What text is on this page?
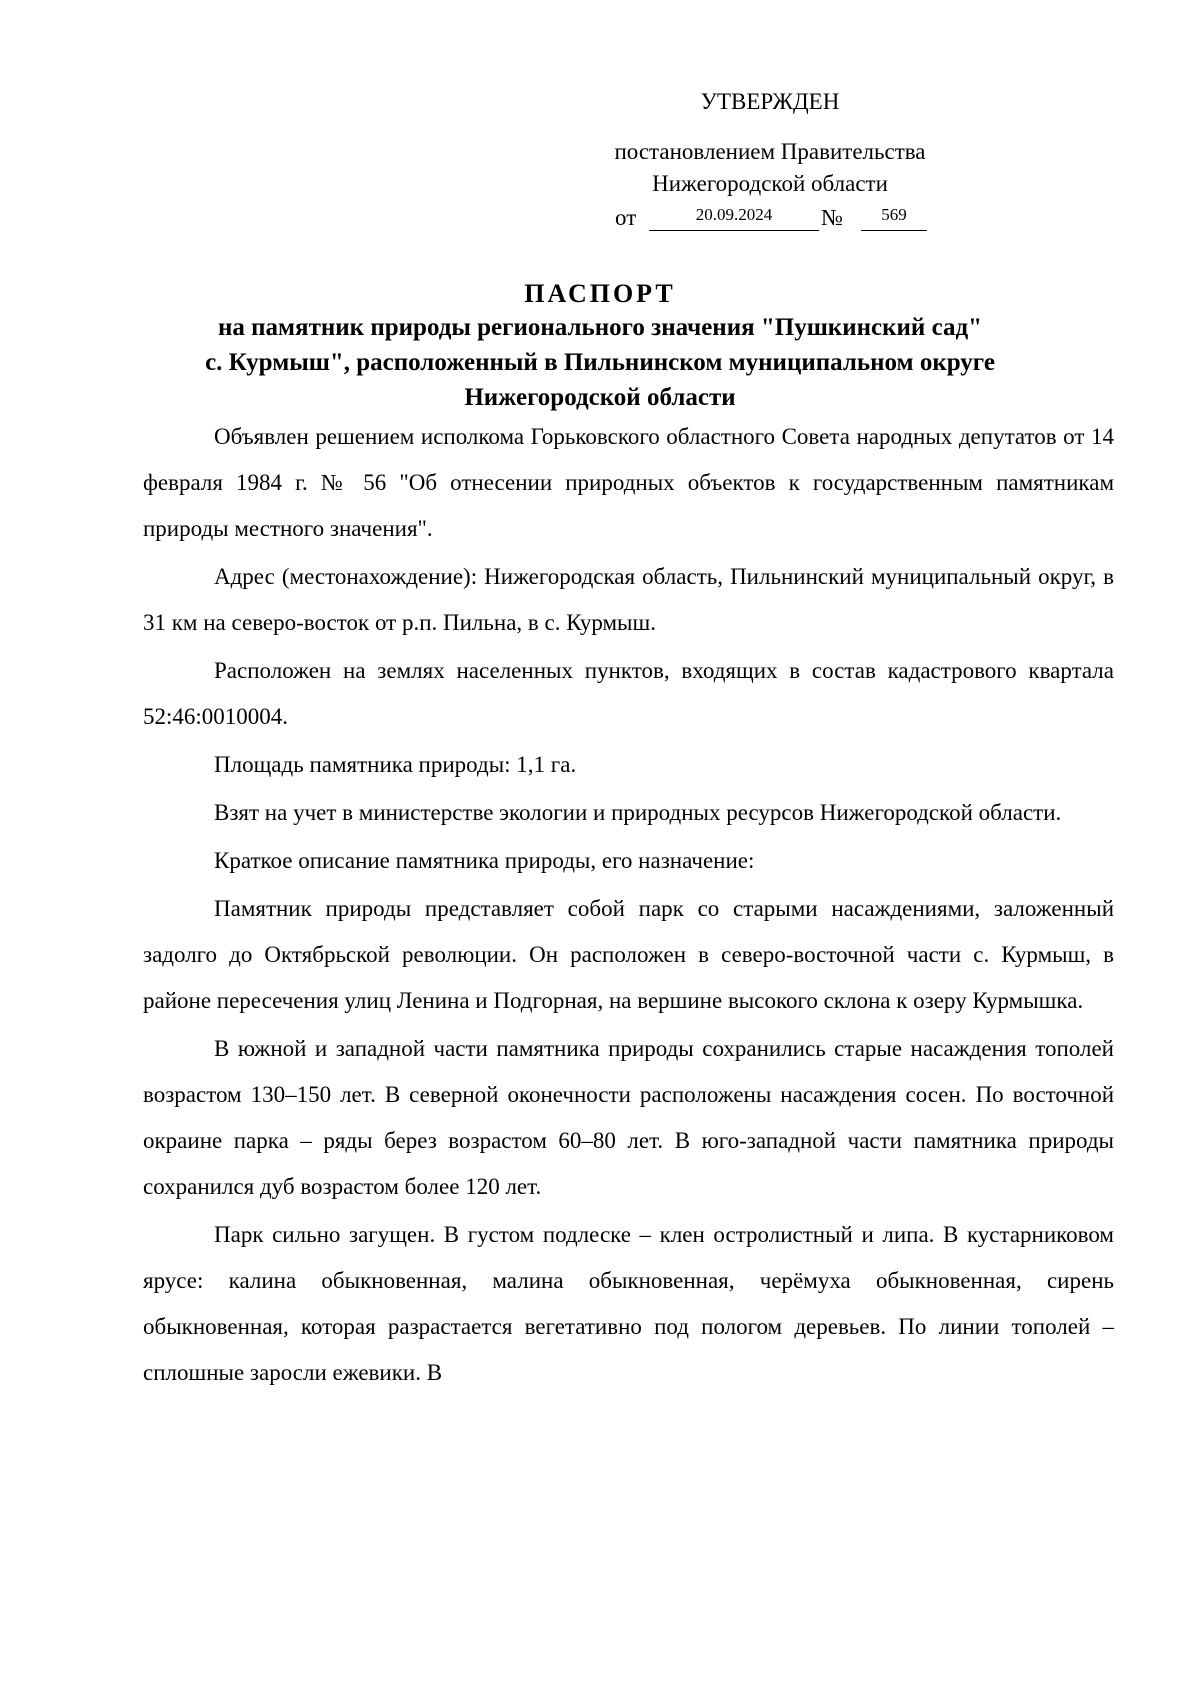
УТВЕРЖДЕН
постановлением Правительства
Нижегородской области
от	20.09.2024	№	569
ПАСПОРТ
на памятник природы регионального значения "Пушкинский сад"
с. Курмыш", расположенный в Пильнинском муниципальном округе
Нижегородской области

Объявлен решением исполкома Горьковского областного Совета народных депутатов от 14 февраля 1984 г. № 56 "Об отнесении природных объектов к государственным памятникам природы местного значения".

Адрес (местонахождение): Нижегородская область, Пильнинский муниципальный округ, в 31 км на северо-восток от р.п. Пильна, в с. Курмыш.

Расположен на землях населенных пунктов, входящих в состав кадастрового квартала 52:46:0010004.

Площадь памятника природы: 1,1 га.

Взят на учет в министерстве экологии и природных ресурсов Нижегородской области.

Краткое описание памятника природы, его назначение:

Памятник природы представляет собой парк со старыми насаждениями, заложенный задолго до Октябрьской революции. Он расположен в северо-восточной части с. Курмыш, в районе пересечения улиц Ленина и Подгорная, на вершине высокого склона к озеру Курмышка.

В южной и западной части памятника природы сохранились старые насаждения тополей возрастом 130–150 лет. В северной оконечности расположены насаждения сосен. По восточной окраине парка – ряды берез возрастом 60–80 лет. В юго-западной части памятника природы сохранился дуб возрастом более 120 лет.

Парк сильно загущен. В густом подлеске – клен остролистный и липа. В кустарниковом ярусе: калина обыкновенная, малина обыкновенная, черёмуха обыкновенная, сирень обыкновенная, которая разрастается вегетативно под пологом деревьев. По линии тополей – сплошные заросли ежевики. В
